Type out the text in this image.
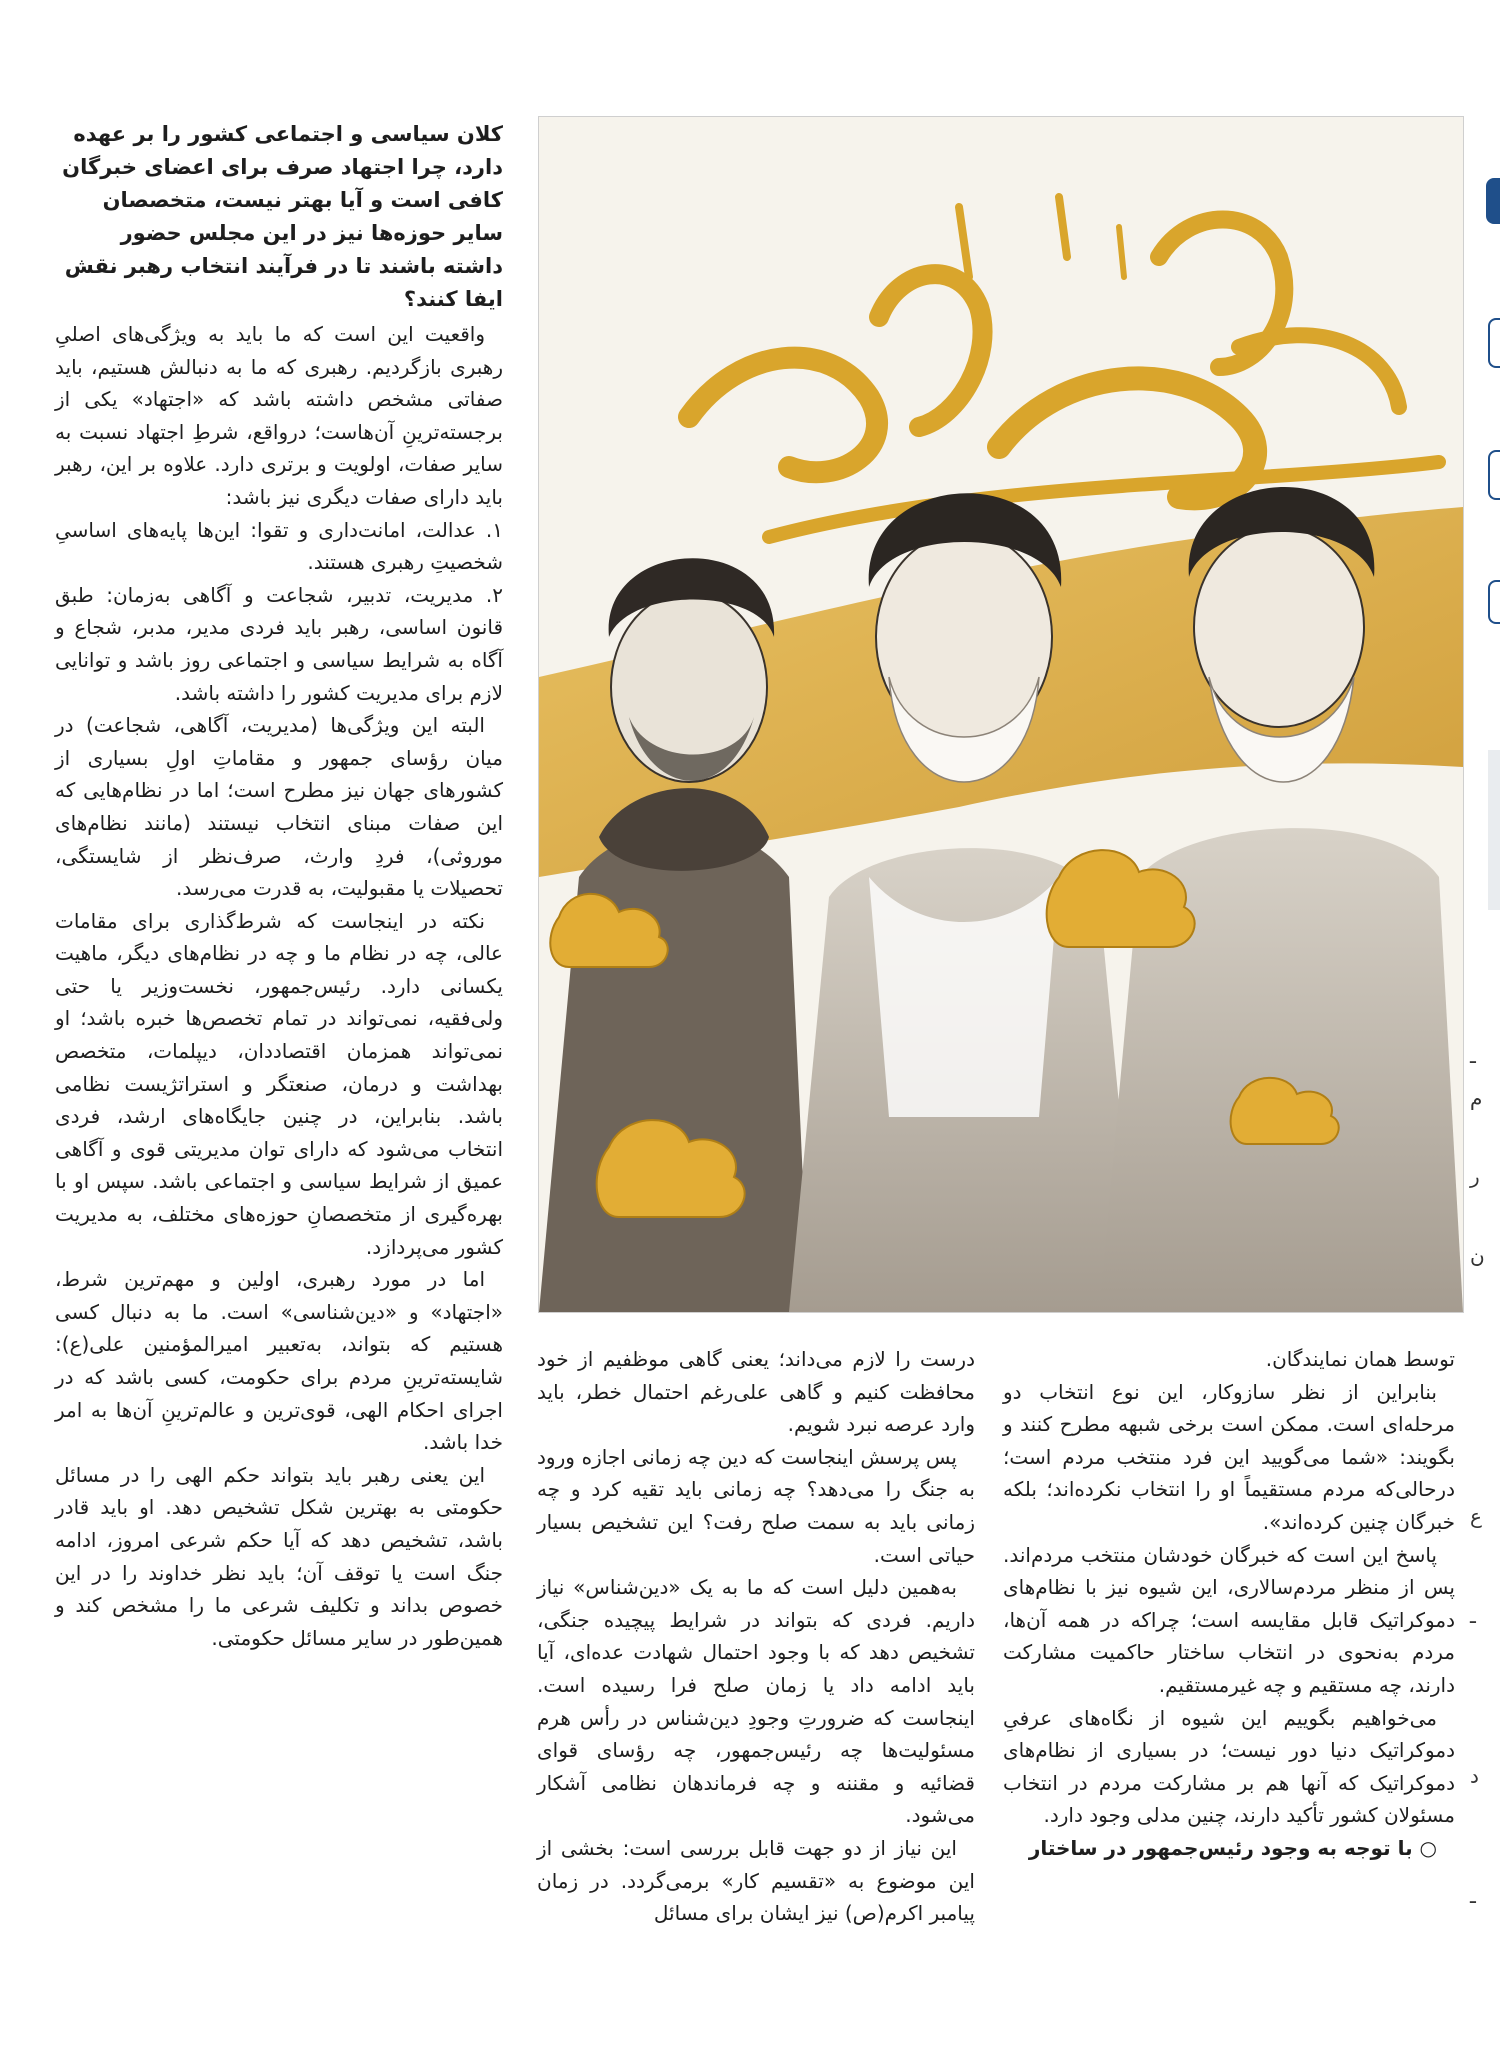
کلان سیاسی و اجتماعی کشور را بر عهده دارد، چرا اجتهاد صرف برای اعضای خبرگان کافی است و آیا بهتر نیست، متخصصان سایر حوزه‌ها نیز در این مجلس حضور داشته باشند تا در فرآیند انتخاب رهبر نقش ایفا کنند؟

واقعیت این است که ما باید به ویژگی‌های اصلیِ رهبری بازگردیم. رهبری که ما به دنبالش هستیم، باید صفاتی مشخص داشته باشد که «اجتهاد» یکی از برجسته‌ترینِ آن‌هاست؛ درواقع، شرطِ اجتهاد نسبت به سایر صفات، اولویت و برتری دارد. علاوه بر این، رهبر باید دارای صفات دیگری نیز باشد:

۱. عدالت، امانت‌داری و تقوا: این‌ها پایه‌های اساسیِ شخصیتِ رهبری هستند.

۲. مدیریت، تدبیر، شجاعت و آگاهی به‌زمان: طبق قانون اساسی، رهبر باید فردی مدیر، مدبر، شجاع و آگاه به شرایط سیاسی و اجتماعی روز باشد و توانایی لازم برای مدیریت کشور را داشته باشد.

البته این ویژگی‌ها (مدیریت، آگاهی، شجاعت) در میان رؤسای جمهور و مقاماتِ اولِ بسیاری از کشورهای جهان نیز مطرح است؛ اما در نظام‌هایی که این صفات مبنای انتخاب نیستند (مانند نظام‌های موروثی)، فردِ وارث، صرف‌نظر از شایستگی، تحصیلات یا مقبولیت، به قدرت می‌رسد.

نکته در اینجاست که شرط‌گذاری برای مقامات عالی، چه در نظام ما و چه در نظام‌های دیگر، ماهیت یکسانی دارد. رئیس‌جمهور، نخست‌وزیر یا حتی ولی‌فقیه، نمی‌تواند در تمام تخصص‌ها خبره باشد؛ او نمی‌تواند همزمان اقتصاددان، دیپلمات، متخصص بهداشت و درمان، صنعتگر و استراتژیست نظامی باشد. بنابراین، در چنین جایگاه‌های ارشد، فردی انتخاب می‌شود که دارای توان مدیریتی قوی و آگاهی عمیق از شرایط سیاسی و اجتماعی باشد. سپس او با بهره‌گیری از متخصصانِ حوزه‌های مختلف، به مدیریت کشور می‌پردازد.

اما در مورد رهبری، اولین و مهم‌ترین شرط، «اجتهاد» و «دین‌شناسی» است. ما به دنبال کسی هستیم که بتواند، به‌تعبیر امیرالمؤمنین علی(ع): شایسته‌ترینِ مردم برای حکومت، کسی باشد که در اجرای احکام الهی، قوی‌ترین و عالم‌ترینِ آن‌ها به امر خدا باشد.

این یعنی رهبر باید بتواند حکم الهی را در مسائل حکومتی به بهترین شکل تشخیص دهد. او باید قادر باشد، تشخیص دهد که آیا حکم شرعی امروز، ادامه جنگ است یا توقف آن؛ باید نظر خداوند را در این خصوص بداند و تکلیف شرعی ما را مشخص کند و همین‌طور در سایر مسائل حکومتی.

درست را لازم می‌داند؛ یعنی گاهی موظفیم از خود محافظت کنیم و گاهی علی‌رغم احتمال خطر، باید وارد عرصه نبرد شویم.

پس پرسش اینجاست که دین چه زمانی اجازه ورود به جنگ را می‌دهد؟ چه زمانی باید تقیه کرد و چه زمانی باید به سمت صلح رفت؟ این تشخیص بسیار حیاتی است.

به‌همین دلیل است که ما به یک «دین‌شناس» نیاز داریم. فردی که بتواند در شرایط پیچیده جنگی، تشخیص دهد که با وجود احتمال شهادت عده‌ای، آیا باید ادامه داد یا زمان صلح فرا رسیده است. اینجاست که ضرورتِ وجودِ دین‌شناس در رأس هرم مسئولیت‌ها چه رئیس‌جمهور، چه رؤسای قوای قضائیه و مقننه و چه فرماندهان نظامی آشکار می‌شود.

این نیاز از دو جهت قابل بررسی است: بخشی از این موضوع به «تقسیم کار» برمی‌گردد. در زمان پیامبر اکرم(ص) نیز ایشان برای مسائل

توسط همان نمایندگان.

بنابراین از نظر سازوکار، این نوع انتخاب دو مرحله‌ای است. ممکن است برخی شبهه مطرح کنند و بگویند: «شما می‌گویید این فرد منتخب مردم است؛ درحالی‌که مردم مستقیماً او را انتخاب نکرده‌اند؛ بلکه خبرگان چنین کرده‌اند».

پاسخ این است که خبرگان خودشان منتخب مردم‌اند. پس از منظر مردم‌سالاری، این شیوه نیز با نظام‌های دموکراتیک قابل مقایسه است؛ چراکه در همه آن‌ها، مردم به‌نحوی در انتخاب ساختار حاکمیت مشارکت دارند، چه مستقیم و چه غیرمستقیم.

می‌خواهیم بگوییم این شیوه از نگاه‌های عرفیِ دموکراتیک دنیا دور نیست؛ در بسیاری از نظام‌های دموکراتیک که آنها هم بر مشارکت مردم در انتخاب مسئولان کشور تأکید دارند، چنین مدلی وجود دارد.

○ با توجه به وجود رئیس‌جمهور در ساختار

ـ
م
ر
ن
ع
ـ
د
ـ
